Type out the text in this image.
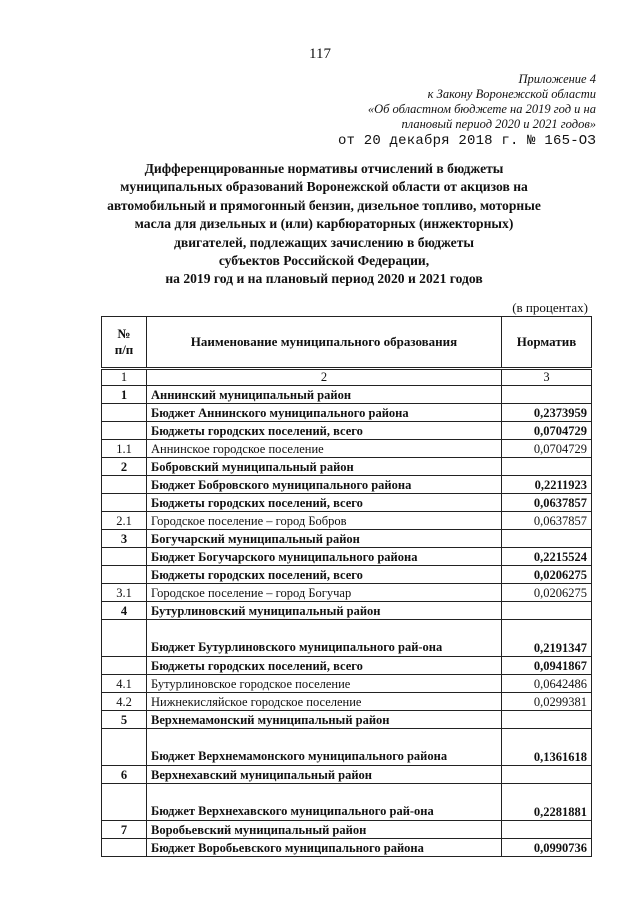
117
Приложение 4
к Закону Воронежской области
«Об областном бюджете на 2019 год и на
плановый период 2020 и 2021 годов»
от 20 декабря 2018 г. № 165-ОЗ
Дифференцированные нормативы отчислений в бюджеты
муниципальных образований Воронежской области от акцизов на
автомобильный и прямогонный бензин, дизельное топливо, моторные
масла для дизельных и (или) карбюраторных (инжекторных)
двигателей, подлежащих зачислению в бюджеты
субъектов Российской Федерации,
на 2019 год и на плановый период 2020 и 2021 годов
(в процентах)
№
п/п	Наименование муниципального образования	Норматив
1	2	3
1	Аннинский муниципальный район	
	Бюджет Аннинского муниципального района	0,2373959
	Бюджеты городских поселений, всего	0,0704729
1.1	Аннинское городское поселение	0,0704729
2	Бобровский муниципальный район	
	Бюджет Бобровского муниципального района	0,2211923
	Бюджеты городских поселений, всего	0,0637857
2.1	Городское поселение – город Бобров	0,0637857
3	Богучарский муниципальный район	
	Бюджет Богучарского муниципального района	0,2215524
	Бюджеты городских поселений, всего	0,0206275
3.1	Городское поселение – город Богучар	0,0206275
4	Бутурлиновский муниципальный район	
	Бюджет Бутурлиновского муниципального рай-она	0,2191347
	Бюджеты городских поселений, всего	0,0941867
4.1	Бутурлиновское городское поселение	0,0642486
4.2	Нижнекисляйское городское поселение	0,0299381
5	Верхнемамонский муниципальный район	
	Бюджет Верхнемамонского муниципального района	0,1361618
6	Верхнехавский муниципальный район	
	Бюджет Верхнехавского муниципального рай-она	0,2281881
7	Воробьевский муниципальный район	
	Бюджет Воробьевского муниципального района	0,0990736
